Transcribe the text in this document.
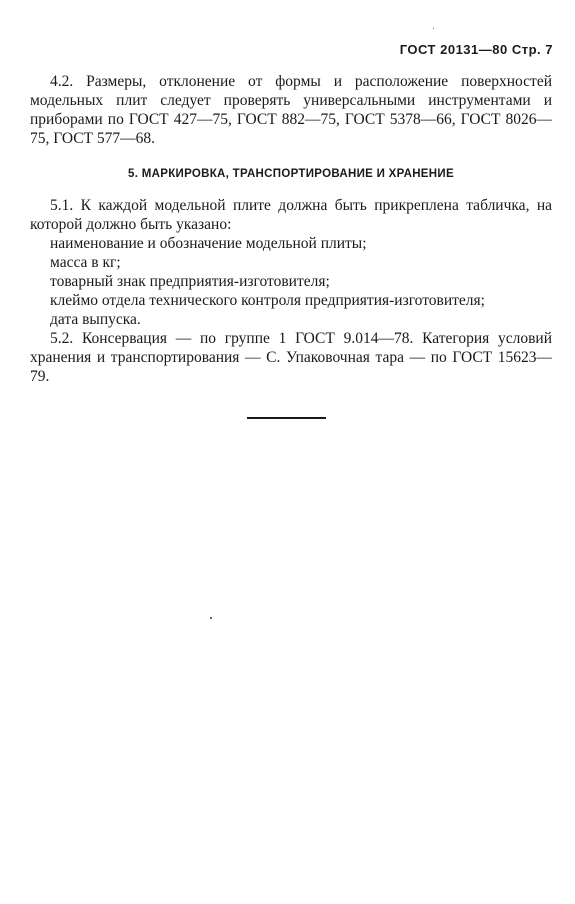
ГОСТ 20131—80 Стр. 7

4.2. Размеры, отклонение от формы и расположение поверхностей модельных плит следует проверять универсальными инструментами и приборами по ГОСТ 427—75, ГОСТ 882—75, ГОСТ 5378—66, ГОСТ 8026—75, ГОСТ 577—68.

5. МАРКИРОВКА, ТРАНСПОРТИРОВАНИЕ И ХРАНЕНИЕ

5.1. К каждой модельной плите должна быть прикреплена табличка, на которой должно быть указано:

наименование и обозначение модельной плиты;

масса в кг;

товарный знак предприятия-изготовителя;

клеймо отдела технического контроля предприятия-изготовителя;

дата выпуска.

5.2. Консервация — по группе 1 ГОСТ 9.014—78. Категория условий хранения и транспортирования — С. Упаковочная тара — по ГОСТ 15623—79.
